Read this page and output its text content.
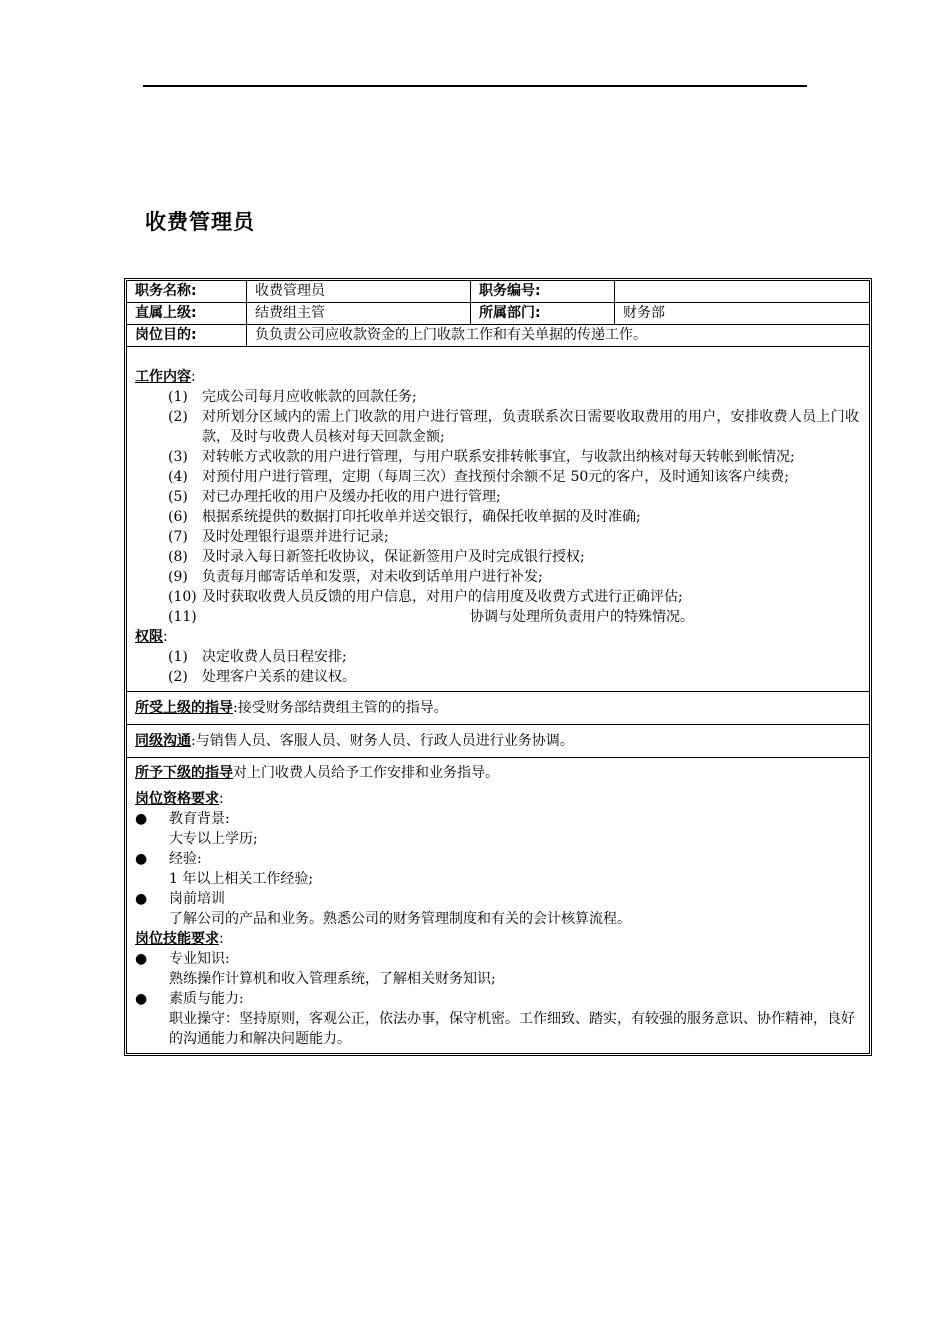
收费管理员
职务名称:	收费管理员	职务编号:
直属上级:	结费组主管	所属部门:	财务部
岗位目的:	负负责公司应收款资金的上门收款工作和有关单据的传递工作。
工作内容:
(1)	完成公司每月应收帐款的回款任务;
(2)	对所划分区域内的需上门收款的用户进行管理，负责联系次日需要收取费用的用户，安排收费人员上门收款，及时与收费人员核对每天回款金额;
(3)	对转帐方式收款的用户进行管理，与用户联系安排转帐事宜，与收款出纳核对每天转帐到帐情况;
(4)	对预付用户进行管理，定期（每周三次）查找预付余额不足 50元的客户，及时通知该客户续费;
(5)	对已办理托收的用户及缓办托收的用户进行管理;
(6)	根据系统提供的数据打印托收单并送交银行，确保托收单据的及时准确;
(7)	及时处理银行退票并进行记录;
(8)	及时录入每日新签托收协议，保证新签用户及时完成银行授权;
(9)	负责每月邮寄话单和发票，对未收到话单用户进行补发;
(10) 及时获取收费人员反馈的用户信息，对用户的信用度及收费方式进行正确评估;
(11)	协调与处理所负责用户的特殊情况。
权限:
(1)	决定收费人员日程安排;
(2)	处理客户关系的建议权。
所受上级的指导:接受财务部结费组主管的的指导。
同级沟通:与销售人员、客服人员、财务人员、行政人员进行业务协调。
所予下级的指导对上门收费人员给予工作安排和业务指导。
岗位资格要求:
●	教育背景:
大专以上学历;
●	经验:
1 年以上相关工作经验;
●	岗前培训
了解公司的产品和业务。熟悉公司的财务管理制度和有关的会计核算流程。
岗位技能要求:
●	专业知识:
熟练操作计算机和收入管理系统，了解相关财务知识;
●	素质与能力:
职业操守：坚持原则，客观公正，依法办事，保守机密。工作细致、踏实，有较强的服务意识、协作精神，良好的沟通能力和解决问题能力。
